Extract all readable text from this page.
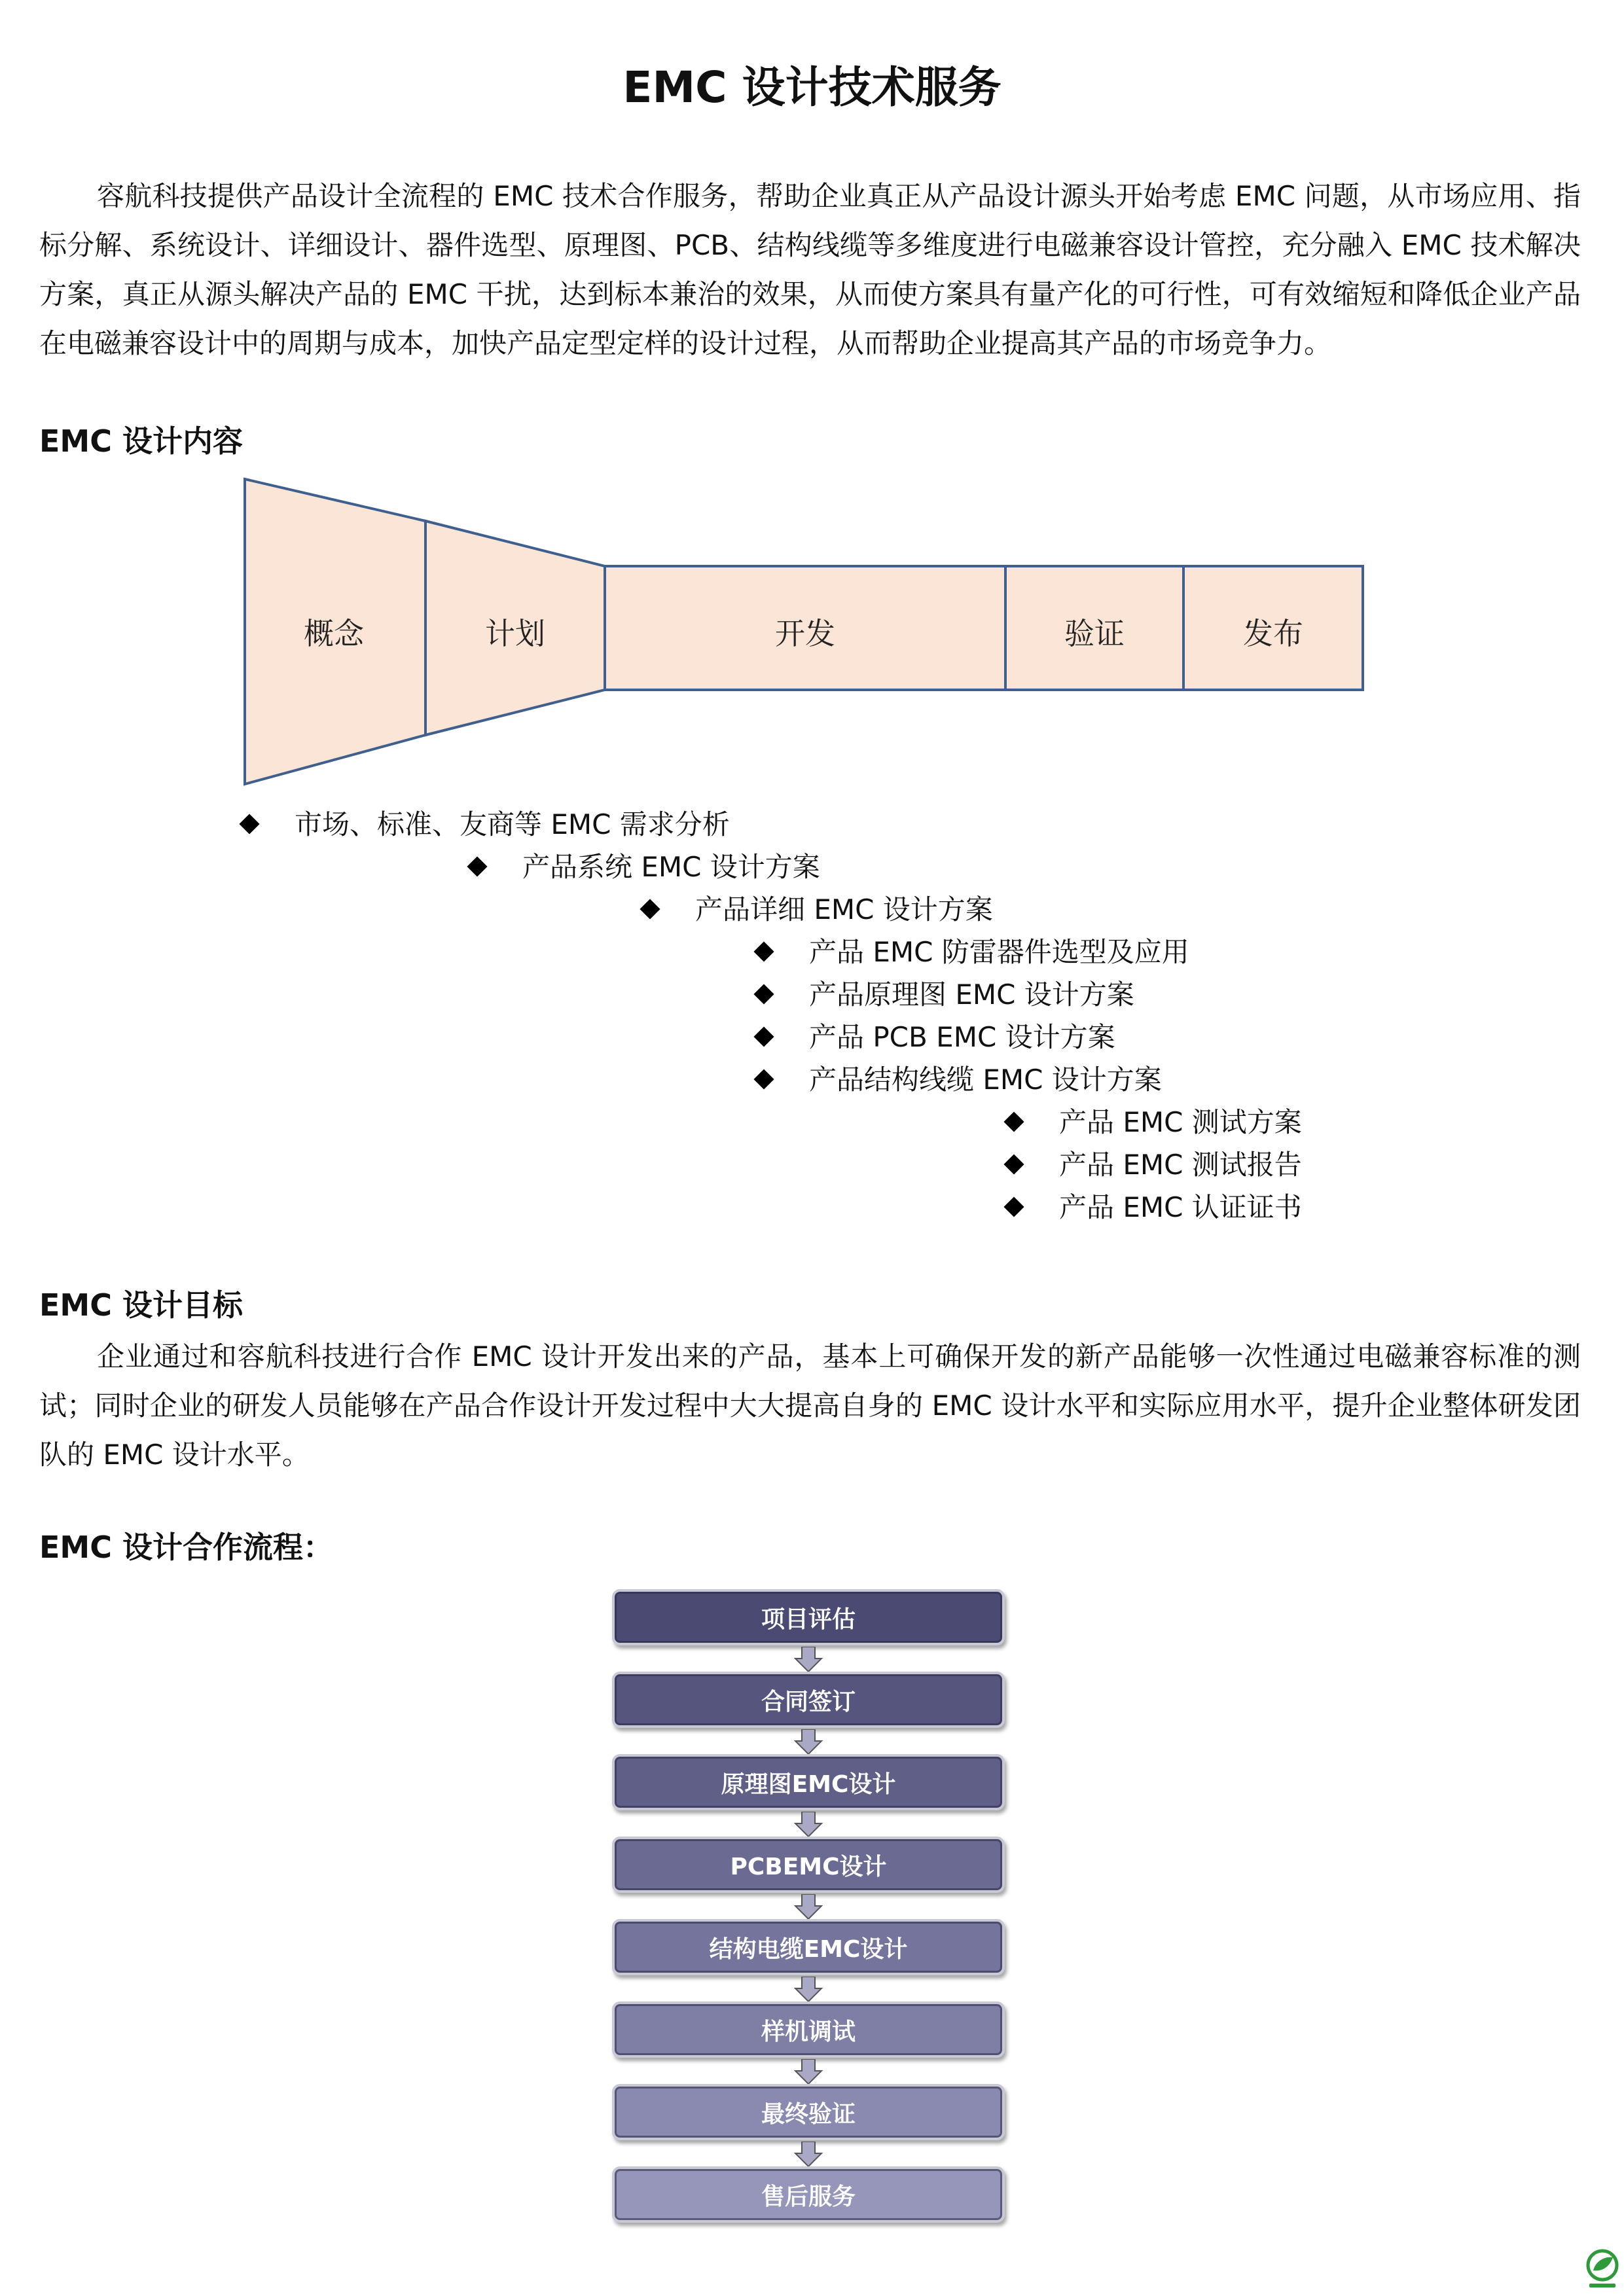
EMC 设计技术服务

容航科技提供产品设计全流程的 EMC 技术合作服务，帮助企业真正从产品设计源头开始考虑 EMC 问题，从市场应用、指标分解、系统设计、详细设计、器件选型、原理图、PCB、结构线缆等多维度进行电磁兼容设计管控，充分融入 EMC 技术解决方案，真正从源头解决产品的 EMC 干扰，达到标本兼治的效果，从而使方案具有量产化的可行性，可有效缩短和降低企业产品在电磁兼容设计中的周期与成本，加快产品定型定样的设计过程，从而帮助企业提高其产品的市场竞争力。

EMC 设计内容
概念	计划	开发	验证	发布
市场、标准、友商等 EMC 需求分析
产品系统 EMC 设计方案
产品详细 EMC 设计方案
产品 EMC 防雷器件选型及应用
产品原理图 EMC 设计方案
产品 PCB EMC 设计方案
产品结构线缆 EMC 设计方案
产品 EMC 测试方案
产品 EMC 测试报告
产品 EMC 认证证书
EMC 设计目标

企业通过和容航科技进行合作 EMC 设计开发出来的产品，基本上可确保开发的新产品能够一次性通过电磁兼容标准的测试；同时企业的研发人员能够在产品合作设计开发过程中大大提高自身的 EMC 设计水平和实际应用水平，提升企业整体研发团队的 EMC 设计水平。

EMC 设计合作流程：
项目评估
合同签订
原理图EMC设计
PCBEMC设计
结构电缆EMC设计
样机调试
最终验证
售后服务
